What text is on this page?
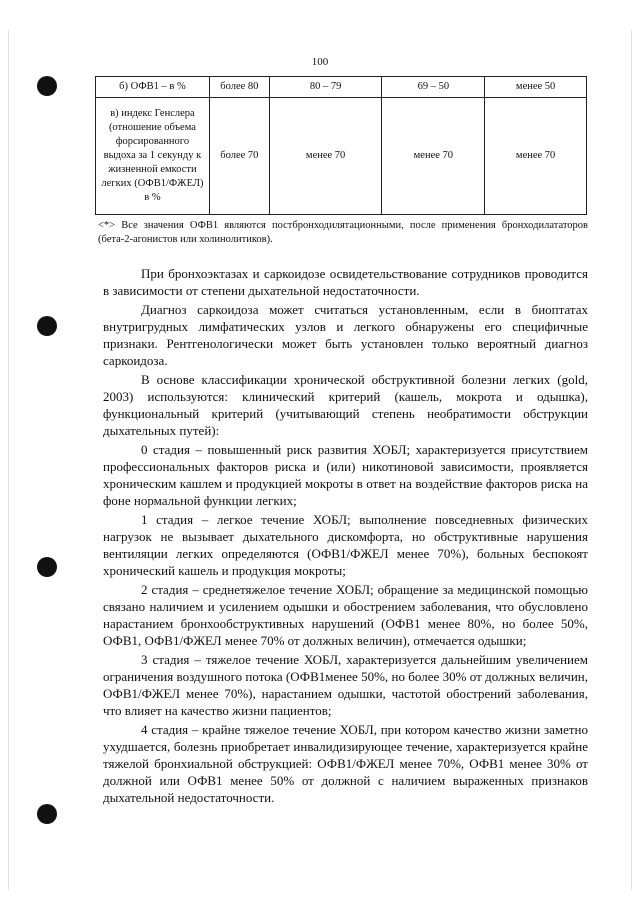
100
б) ОФВ1 – в %	более 80	80 – 79	69 – 50	менее 50
в) индекс Генслера (отношение объема форсированного выдоха за 1 секунду к жизненной емкости легких (ОФВ1/ФЖЕЛ) в %	более 70	менее 70	менее 70	менее 70
<*> Все значения ОФВ1 являются постбронходилятационными, после применения бронходилататоров (бета-2-агонистов или холинолитиков).

При бронхоэктазах и саркоидозе освидетельствование сотрудников проводится в зависимости от степени дыхательной недостаточности.

Диагноз саркоидоза может считаться установленным, если в биоптатах внутригрудных лимфатических узлов и легкого обнаружены его специфичные признаки. Рентгенологически может быть установлен только вероятный диагноз саркоидоза.

В основе классификации хронической обструктивной болезни легких (gold, 2003) используются: клинический критерий (кашель, мокрота и одышка), функциональный критерий (учитывающий степень необратимости обструкции дыхательных путей):

0 стадия – повышенный риск развития ХОБЛ; характеризуется присутствием профессиональных факторов риска и (или) никотиновой зависимости, проявляется хроническим кашлем и продукцией мокроты в ответ на воздействие факторов риска на фоне нормальной функции легких;

1 стадия – легкое течение ХОБЛ; выполнение повседневных физических нагрузок не вызывает дыхательного дискомфорта, но обструктивные нарушения вентиляции легких определяются (ОФВ1/ФЖЕЛ менее 70%), больных беспокоят хронический кашель и продукция мокроты;

2 стадия – среднетяжелое течение ХОБЛ; обращение за медицинской помощью связано наличием и усилением одышки и обострением заболевания, что обусловлено нарастанием бронхообструктивных нарушений (ОФВ1 менее 80%, но более 50%, ОФВ1, ОФВ1/ФЖЕЛ менее 70% от должных величин), отмечается одышки;

3 стадия – тяжелое течение ХОБЛ, характеризуется дальнейшим увеличением ограничения воздушного потока (ОФВ1менее 50%, но более 30% от должных величин, ОФВ1/ФЖЕЛ менее 70%), нарастанием одышки, частотой обострений заболевания, что влияет на качество жизни пациентов;

4 стадия – крайне тяжелое течение ХОБЛ, при котором качество жизни заметно ухудшается, болезнь приобретает инвалидизирующее течение, характеризуется крайне тяжелой бронхиальной обструкцией: ОФВ1/ФЖЕЛ менее 70%, ОФВ1 менее 30% от должной или ОФВ1 менее 50% от должной с наличием выраженных признаков дыхательной недостаточности.
